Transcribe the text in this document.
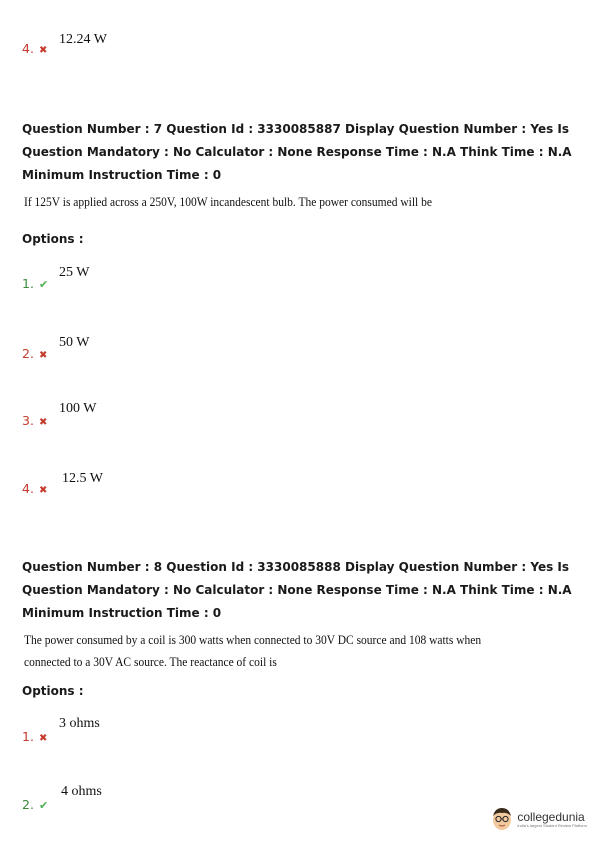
4. ✖
12.24 W
Question Number : 7 Question Id : 3330085887 Display Question Number : Yes Is Question Mandatory : No Calculator : None Response Time : N.A Think Time : N.A Minimum Instruction Time : 0
If 125V is applied across a 250V, 100W incandescent bulb. The power consumed will be
Options :
1. ✔
25 W
2. ✖
50 W
3. ✖
100 W
4. ✖
12.5 W
Question Number : 8 Question Id : 3330085888 Display Question Number : Yes Is Question Mandatory : No Calculator : None Response Time : N.A Think Time : N.A Minimum Instruction Time : 0
The power consumed by a coil is 300 watts when connected to 30V DC source and 108 watts when
connected to a 30V AC source. The reactance of coil is
Options :
1. ✖
3 ohms
2. ✔
4 ohms
collegedunia
India's largest Student Review Platform
